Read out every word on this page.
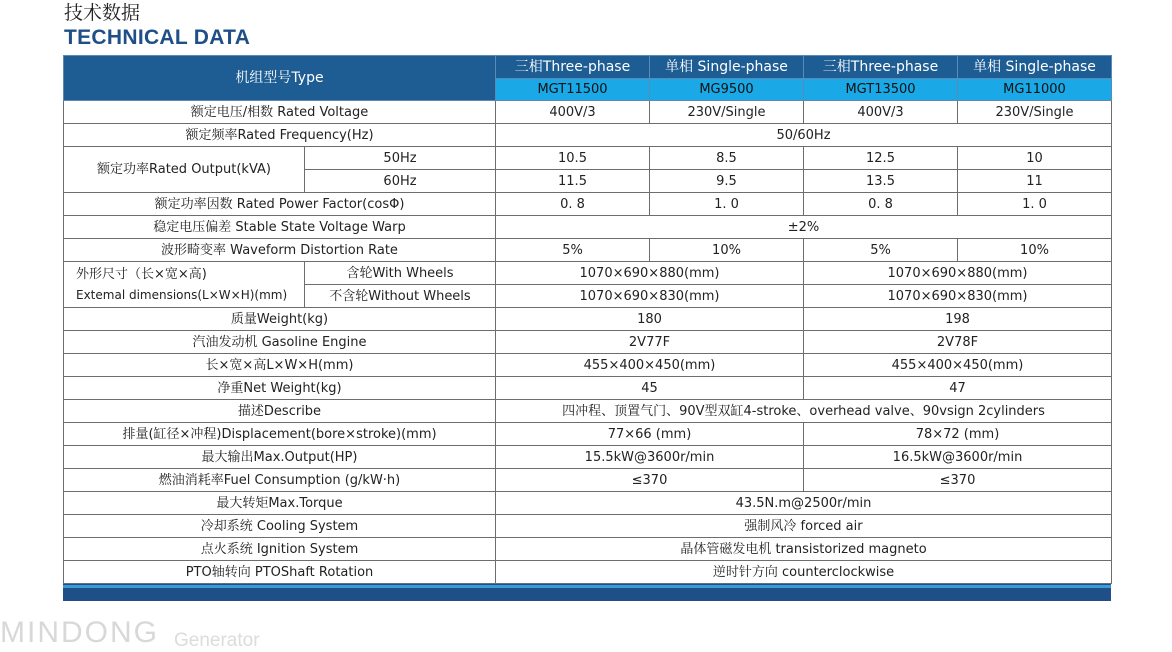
技术数据
TECHNICAL DATA
机组型号Type		三相Three-phase	单相 Single-phase	三相Three-phase	单相 Single-phase
		MGT11500	MG9500	MGT13500	MG11000
额定电压/相数 Rated Voltage		400V/3	230V/Single	400V/3	230V/Single
额定频率Rated Frequency(Hz)		50/60Hz			
额定功率Rated Output(kVA)	50Hz	10.5	8.5	12.5	10
	60Hz	11.5	9.5	13.5	11
额定功率因数 Rated Power Factor(cosΦ)		0. 8	1. 0	0. 8	1. 0
稳定电压偏差 Stable State Voltage Warp		±2%			
波形畸变率 Waveform Distortion Rate		5%	10%	5%	10%

外形尺寸（长×宽×高)
Extemal dimensions(L×W×H)(mm)	含轮With Wheels	1070×690×880(mm)		1070×690×880(mm)	
	不含轮Without Wheels	1070×690×830(mm)		1070×690×830(mm)	
质量Weight(kg)		180		198	
汽油发动机 Gasoline Engine		2V77F		2V78F	
长×宽×高L×W×H(mm)		455×400×450(mm)		455×400×450(mm)	
净重Net Weight(kg)		45		47	
描述Describe		四冲程、顶置气门、90V型双缸4-stroke、overhead valve、90vsign 2cylinders			
排量(缸径×冲程)Displacement(bore×stroke)(mm)		77×66 (mm)		78×72 (mm)	
最大输出Max.Output(HP)		15.5kW@3600r/min		16.5kW@3600r/min	
燃油消耗率Fuel Consumption (g/kW·h)		≤370		≤370	
最大转矩Max.Torque		43.5N.m@2500r/min			
冷却系统 Cooling System		强制风冷 forced air			
点火系统 Ignition System		晶体管磁发电机 transistorized magneto			
PTO轴转向 PTOShaft Rotation		逆时针方向 counterclockwise			
MINDONG Generator
